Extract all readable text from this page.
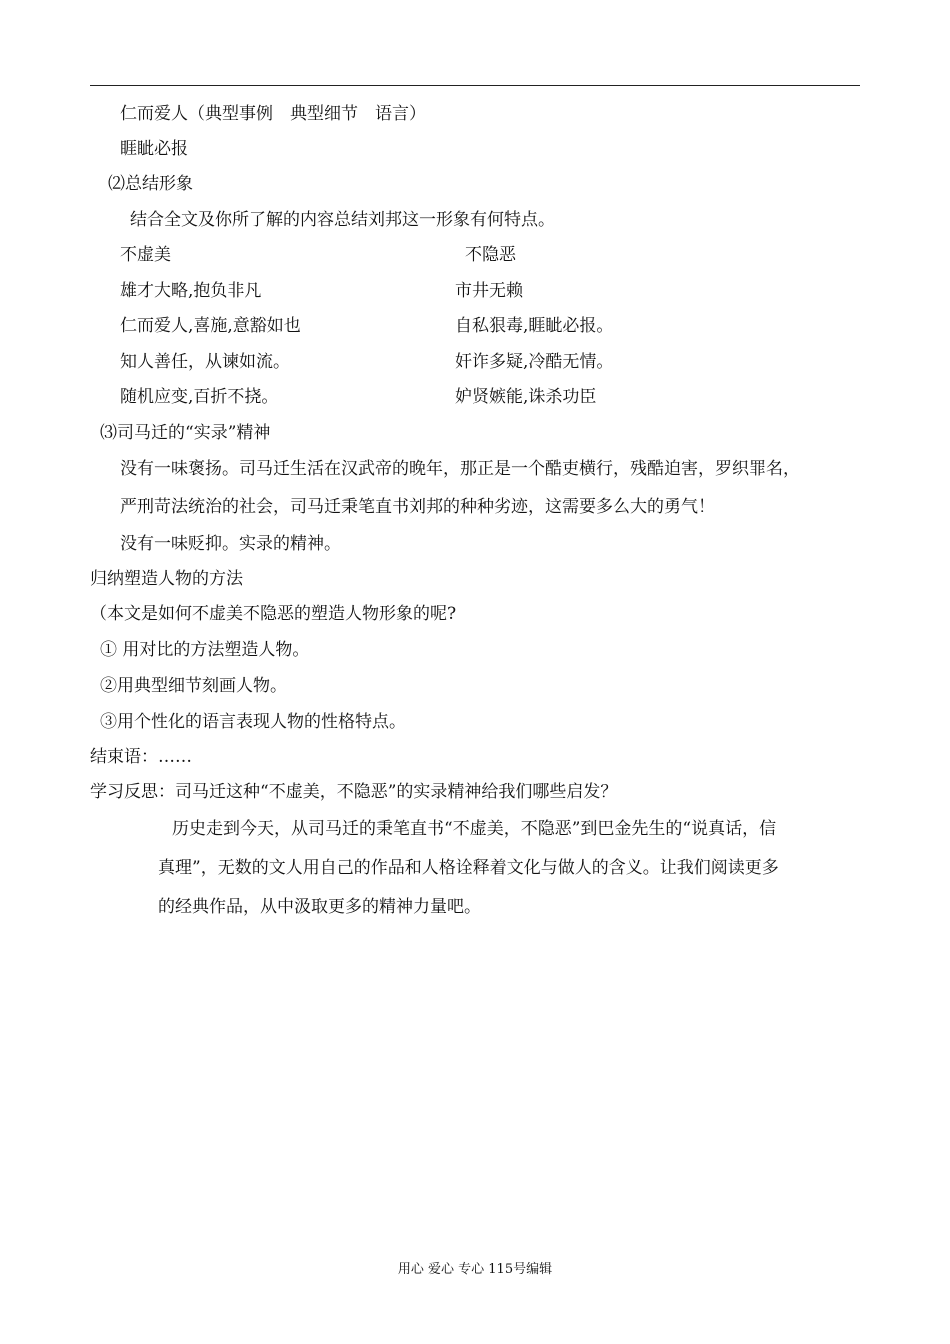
仁而爱人（典型事例　典型细节　语言）
睚眦必报
⑵总结形象
结合全文及你所了解的内容总结刘邦这一形象有何特点。
不虚美	不隐恶
雄才大略,抱负非凡	市井无赖
仁而爱人,喜施,意豁如也	自私狠毒,睚眦必报。
知人善任，从谏如流。	奸诈多疑,冷酷无情。
随机应变,百折不挠。	妒贤嫉能,诛杀功臣
⑶司马迁的“实录”精神
没有一味褒扬。司马迁生活在汉武帝的晚年，那正是一个酷吏横行，残酷迫害，罗织罪名，
严刑苛法统治的社会，司马迁秉笔直书刘邦的种种劣迹，这需要多么大的勇气！
没有一味贬抑。实录的精神。
归纳塑造人物的方法
（本文是如何不虚美不隐恶的塑造人物形象的呢?
① 用对比的方法塑造人物。
②用典型细节刻画人物。
③用个性化的语言表现人物的性格特点。
结束语：……
学习反思：司马迁这种“不虚美，不隐恶”的实录精神给我们哪些启发？
历史走到今天，从司马迁的秉笔直书“不虚美，不隐恶”到巴金先生的“说真话，信
真理”，无数的文人用自己的作品和人格诠释着文化与做人的含义。让我们阅读更多
的经典作品，从中汲取更多的精神力量吧。
用心 爱心 专心 115号编辑
